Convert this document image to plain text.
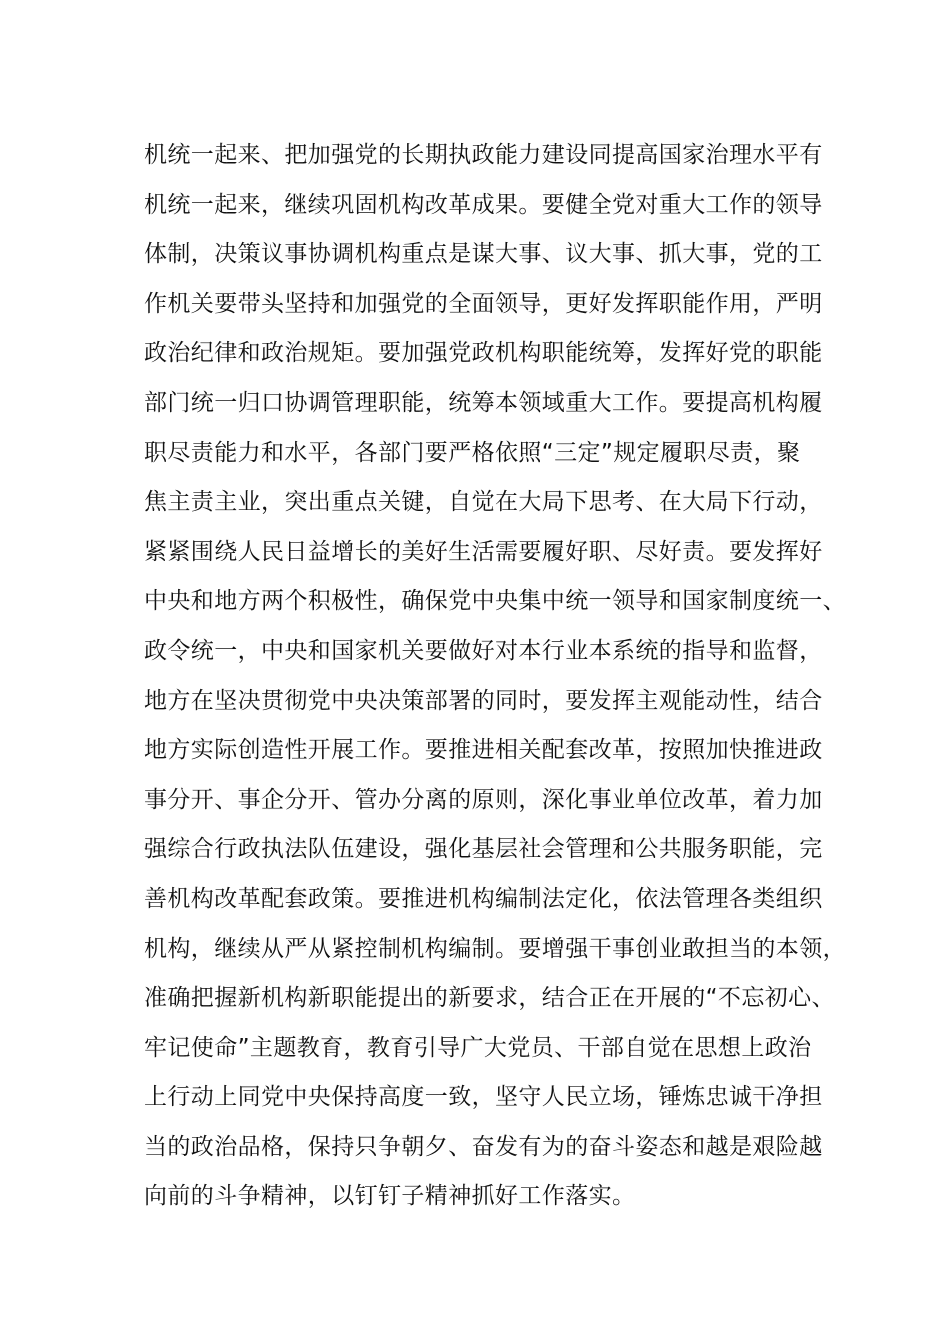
机统一起来、把加强党的长期执政能力建设同提高国家治理水平有
机统一起来，继续巩固机构改革成果。要健全党对重大工作的领导
体制，决策议事协调机构重点是谋大事、议大事、抓大事，党的工
作机关要带头坚持和加强党的全面领导，更好发挥职能作用，严明
政治纪律和政治规矩。要加强党政机构职能统筹，发挥好党的职能
部门统一归口协调管理职能，统筹本领域重大工作。要提高机构履
职尽责能力和水平，各部门要严格依照“三定”规定履职尽责，聚
焦主责主业，突出重点关键，自觉在大局下思考、在大局下行动，
紧紧围绕人民日益增长的美好生活需要履好职、尽好责。要发挥好
中央和地方两个积极性，确保党中央集中统一领导和国家制度统一、
政令统一，中央和国家机关要做好对本行业本系统的指导和监督，
地方在坚决贯彻党中央决策部署的同时，要发挥主观能动性，结合
地方实际创造性开展工作。要推进相关配套改革，按照加快推进政
事分开、事企分开、管办分离的原则，深化事业单位改革，着力加
强综合行政执法队伍建设，强化基层社会管理和公共服务职能，完
善机构改革配套政策。要推进机构编制法定化，依法管理各类组织
机构，继续从严从紧控制机构编制。要增强干事创业敢担当的本领，
准确把握新机构新职能提出的新要求，结合正在开展的“不忘初心、
牢记使命”主题教育，教育引导广大党员、干部自觉在思想上政治
上行动上同党中央保持高度一致，坚守人民立场，锤炼忠诚干净担
当的政治品格，保持只争朝夕、奋发有为的奋斗姿态和越是艰险越
向前的斗争精神，以钉钉子精神抓好工作落实。
